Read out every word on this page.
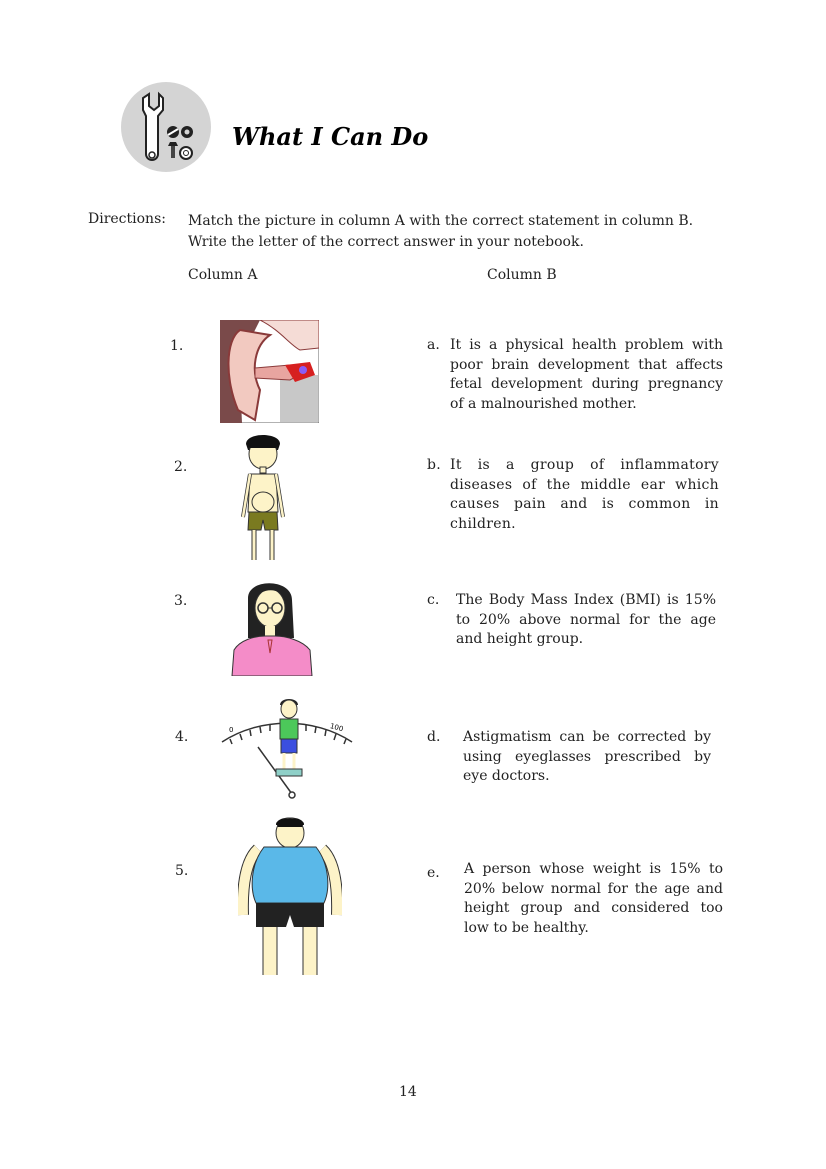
What I Can Do
Directions: Match the picture in column A with the correct statement in column B.
Write the letter of the correct answer in your notebook.
Column A	Column B
1.
2.
3.
4.
5.
0	100
a. It is a physical health problem with poor brain development that affects fetal development during pregnancy of a malnourished mother.
b. It is a group of inflammatory diseases of the middle ear which causes pain and is common in children.
c. The Body Mass Index (BMI) is 15% to 20% above normal for the age and height group.
d. Astigmatism can be corrected by using eyeglasses prescribed by eye doctors.
e. A person whose weight is 15% to 20% below normal for the age and height group and considered too low to be healthy.
14
